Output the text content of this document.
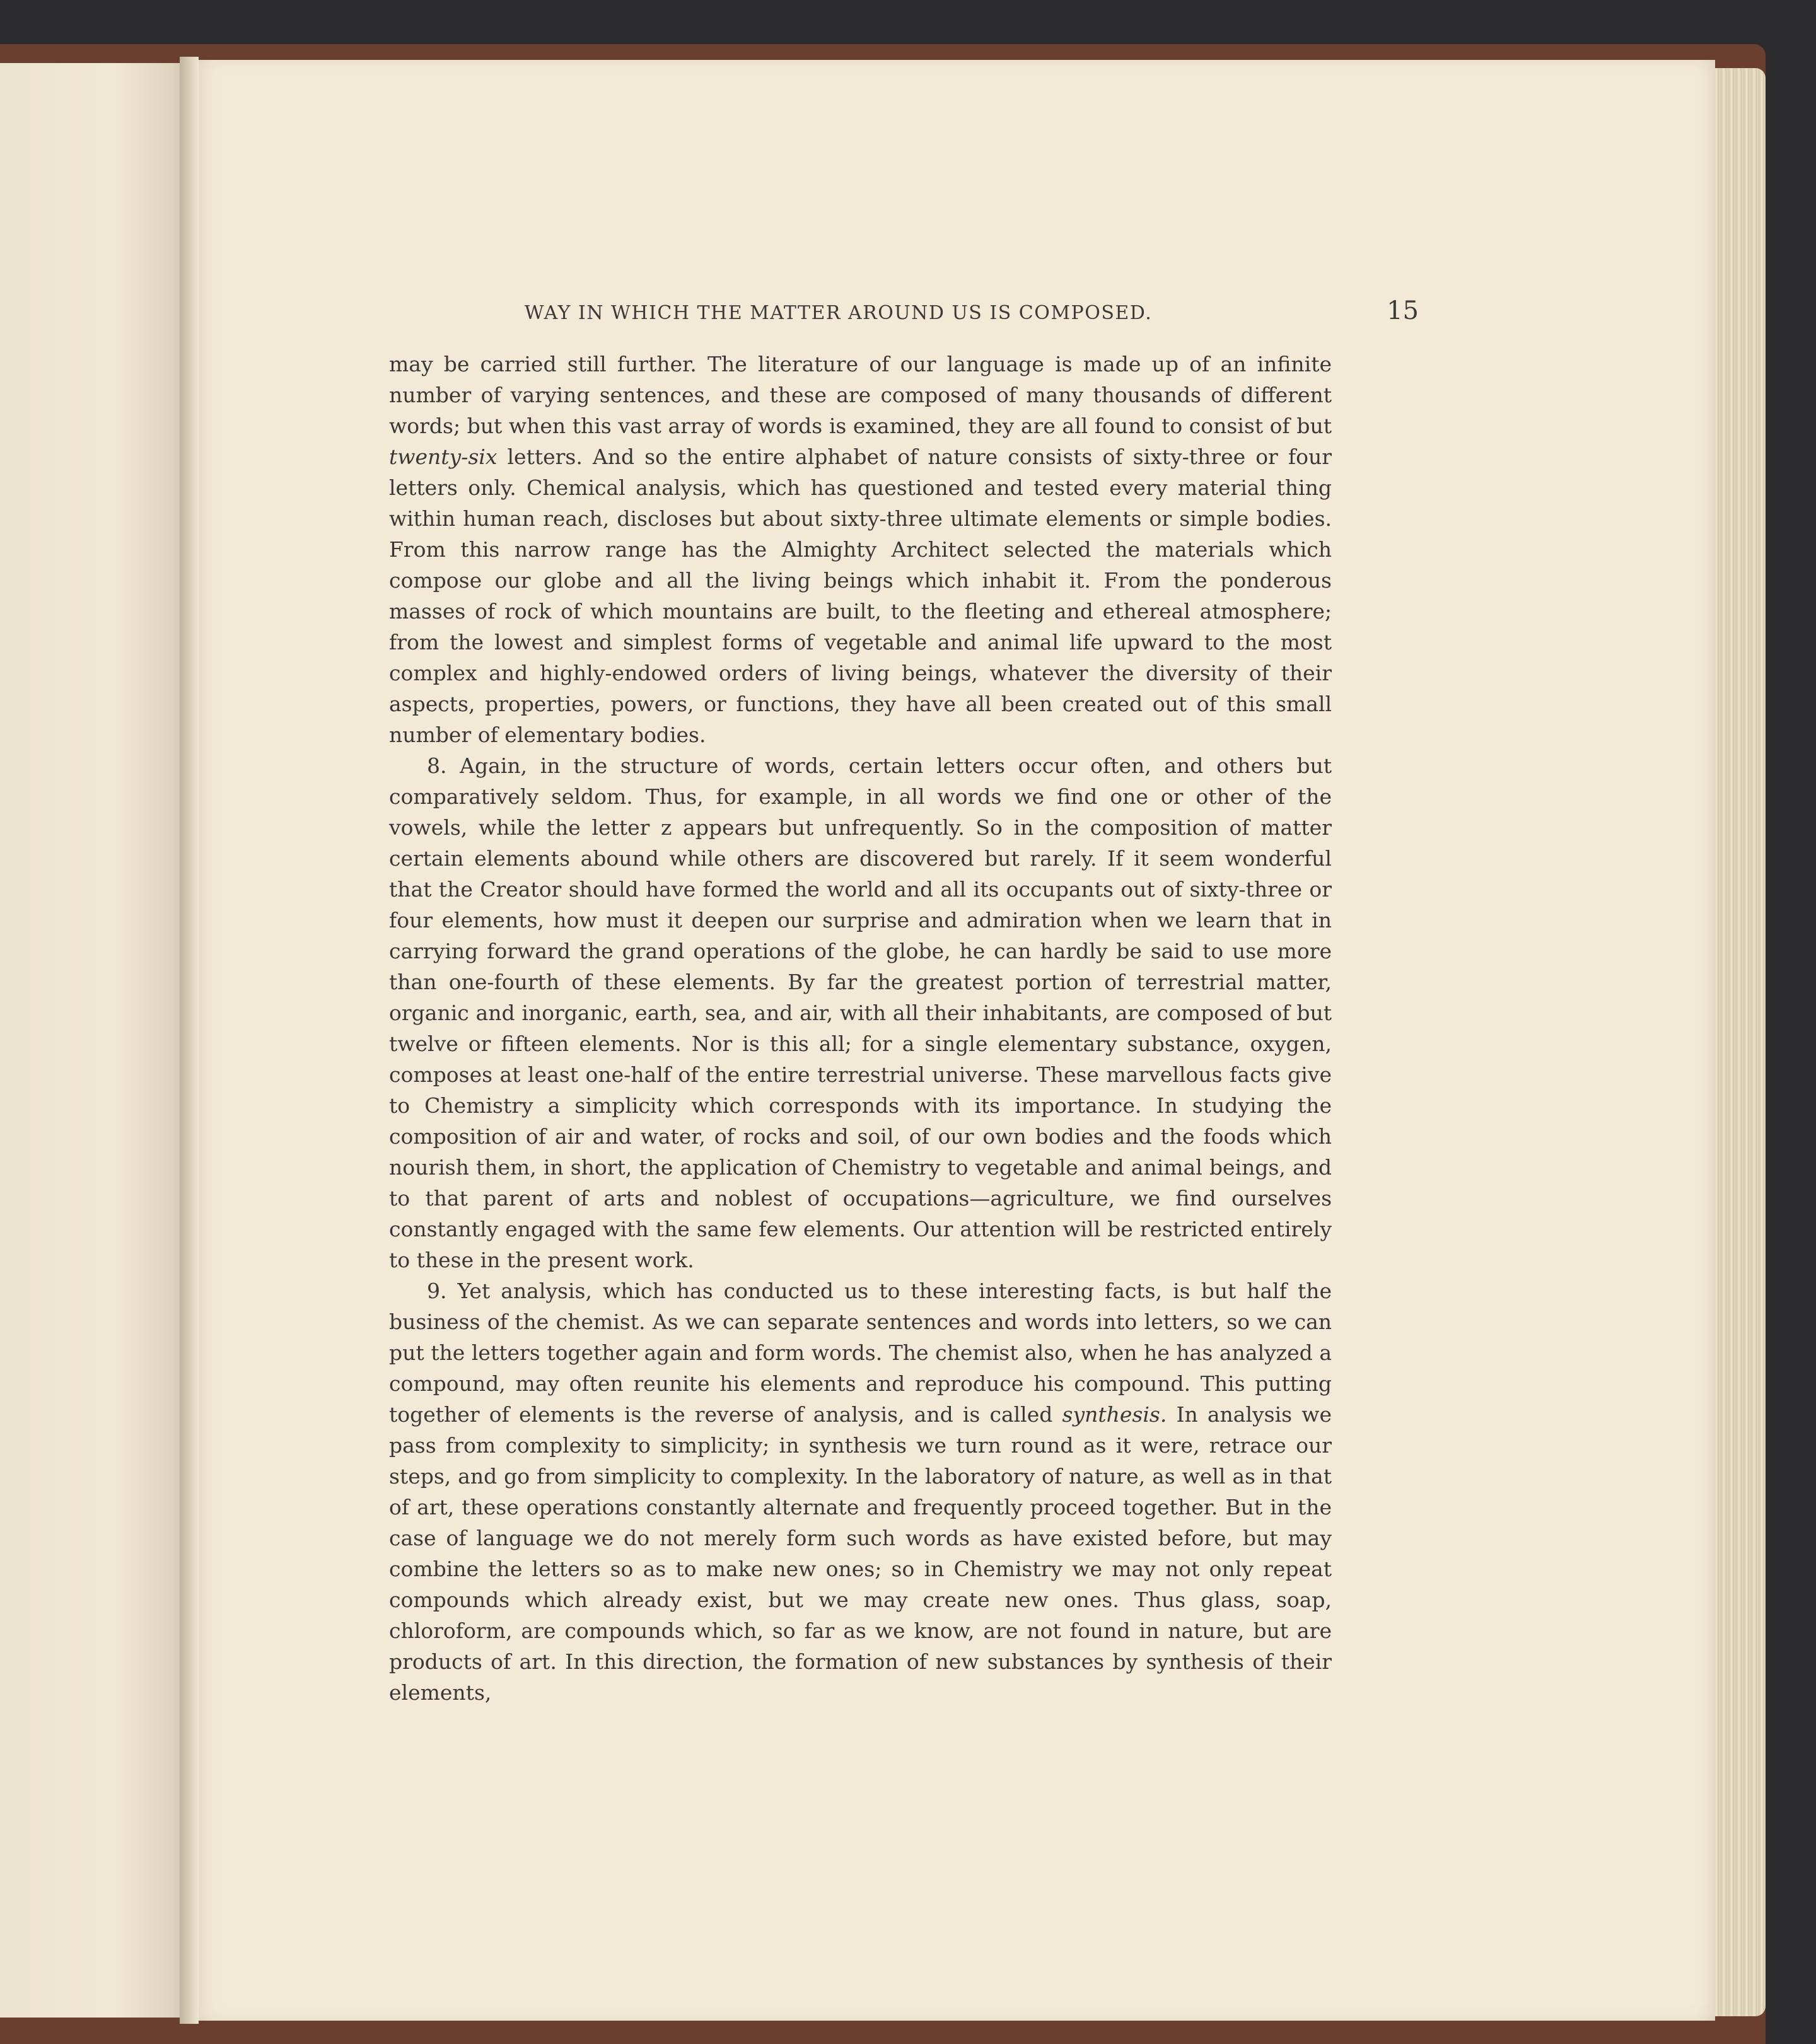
WAY IN WHICH THE MATTER AROUND US IS COMPOSED.	15

may be carried still further. The literature of our language is made up of an infinite number of varying sentences, and these are composed of many thousands of different words; but when this vast array of words is examined, they are all found to consist of but twenty-six letters. And so the entire alphabet of nature consists of sixty-three or four letters only. Chemical analysis, which has questioned and tested every material thing within human reach, discloses but about sixty-three ultimate elements or simple bodies. From this narrow range has the Almighty Architect selected the materials which compose our globe and all the living beings which inhabit it. From the ponderous masses of rock of which mountains are built, to the fleeting and ethereal atmosphere; from the lowest and simplest forms of vegetable and animal life upward to the most complex and highly-endowed orders of living beings, whatever the diversity of their aspects, properties, powers, or functions, they have all been created out of this small number of elementary bodies.

8. Again, in the structure of words, certain letters occur often, and others but comparatively seldom. Thus, for example, in all words we find one or other of the vowels, while the letter z appears but unfrequently. So in the composition of matter certain elements abound while others are discovered but rarely. If it seem wonderful that the Creator should have formed the world and all its occupants out of sixty-three or four elements, how must it deepen our surprise and admiration when we learn that in carrying forward the grand operations of the globe, he can hardly be said to use more than one-fourth of these elements. By far the greatest portion of terrestrial matter, organic and inorganic, earth, sea, and air, with all their inhabitants, are composed of but twelve or fifteen elements. Nor is this all; for a single elementary substance, oxygen, composes at least one-half of the entire terrestrial universe. These marvellous facts give to Chemistry a simplicity which corresponds with its importance. In studying the composition of air and water, of rocks and soil, of our own bodies and the foods which nourish them, in short, the application of Chemistry to vegetable and animal beings, and to that parent of arts and noblest of occupations—agriculture, we find ourselves constantly engaged with the same few elements. Our attention will be restricted entirely to these in the present work.

9. Yet analysis, which has conducted us to these interesting facts, is but half the business of the chemist. As we can separate sentences and words into letters, so we can put the letters together again and form words. The chemist also, when he has analyzed a compound, may often reunite his elements and reproduce his compound. This putting together of elements is the reverse of analysis, and is called synthesis. In analysis we pass from complexity to simplicity; in synthesis we turn round as it were, retrace our steps, and go from simplicity to complexity. In the laboratory of nature, as well as in that of art, these operations constantly alternate and frequently proceed together. But in the case of language we do not merely form such words as have existed before, but may combine the letters so as to make new ones; so in Chemistry we may not only repeat compounds which already exist, but we may create new ones. Thus glass, soap, chloroform, are compounds which, so far as we know, are not found in nature, but are products of art. In this direction, the formation of new substances by synthesis of their elements,
